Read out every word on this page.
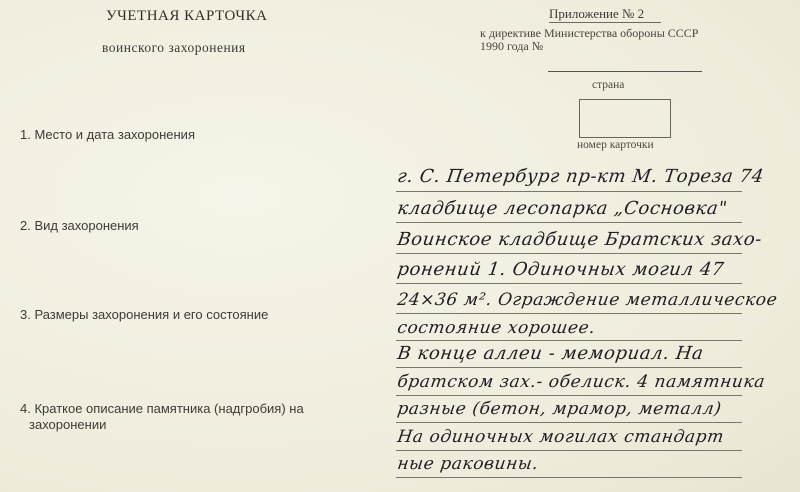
УЧЕТНАЯ КАРТОЧКА
воинского захоронения
Приложение № 2
к директиве Министерства обороны СССР
1990 года №
страна
номер карточки
1. Место и дата захоронения
2. Вид захоронения
3. Размеры захоронения и его состояние
4. Краткое описание памятника (надгробия) на
захоронении
г. С. Петербург пр-кт М. Тореза 74
кладбище лесопарка „Сосновка"
Воинское кладбище Братских захо-
ронений 1. Одиночных могил 47
24×36 м². Ограждение металлическое
состояние хорошее.
В конце аллеи - мемориал. На
братском зах.- обелиск. 4 памятника
разные (бетон, мрамор, металл)
На одиночных могилах стандарт
ные раковины.
